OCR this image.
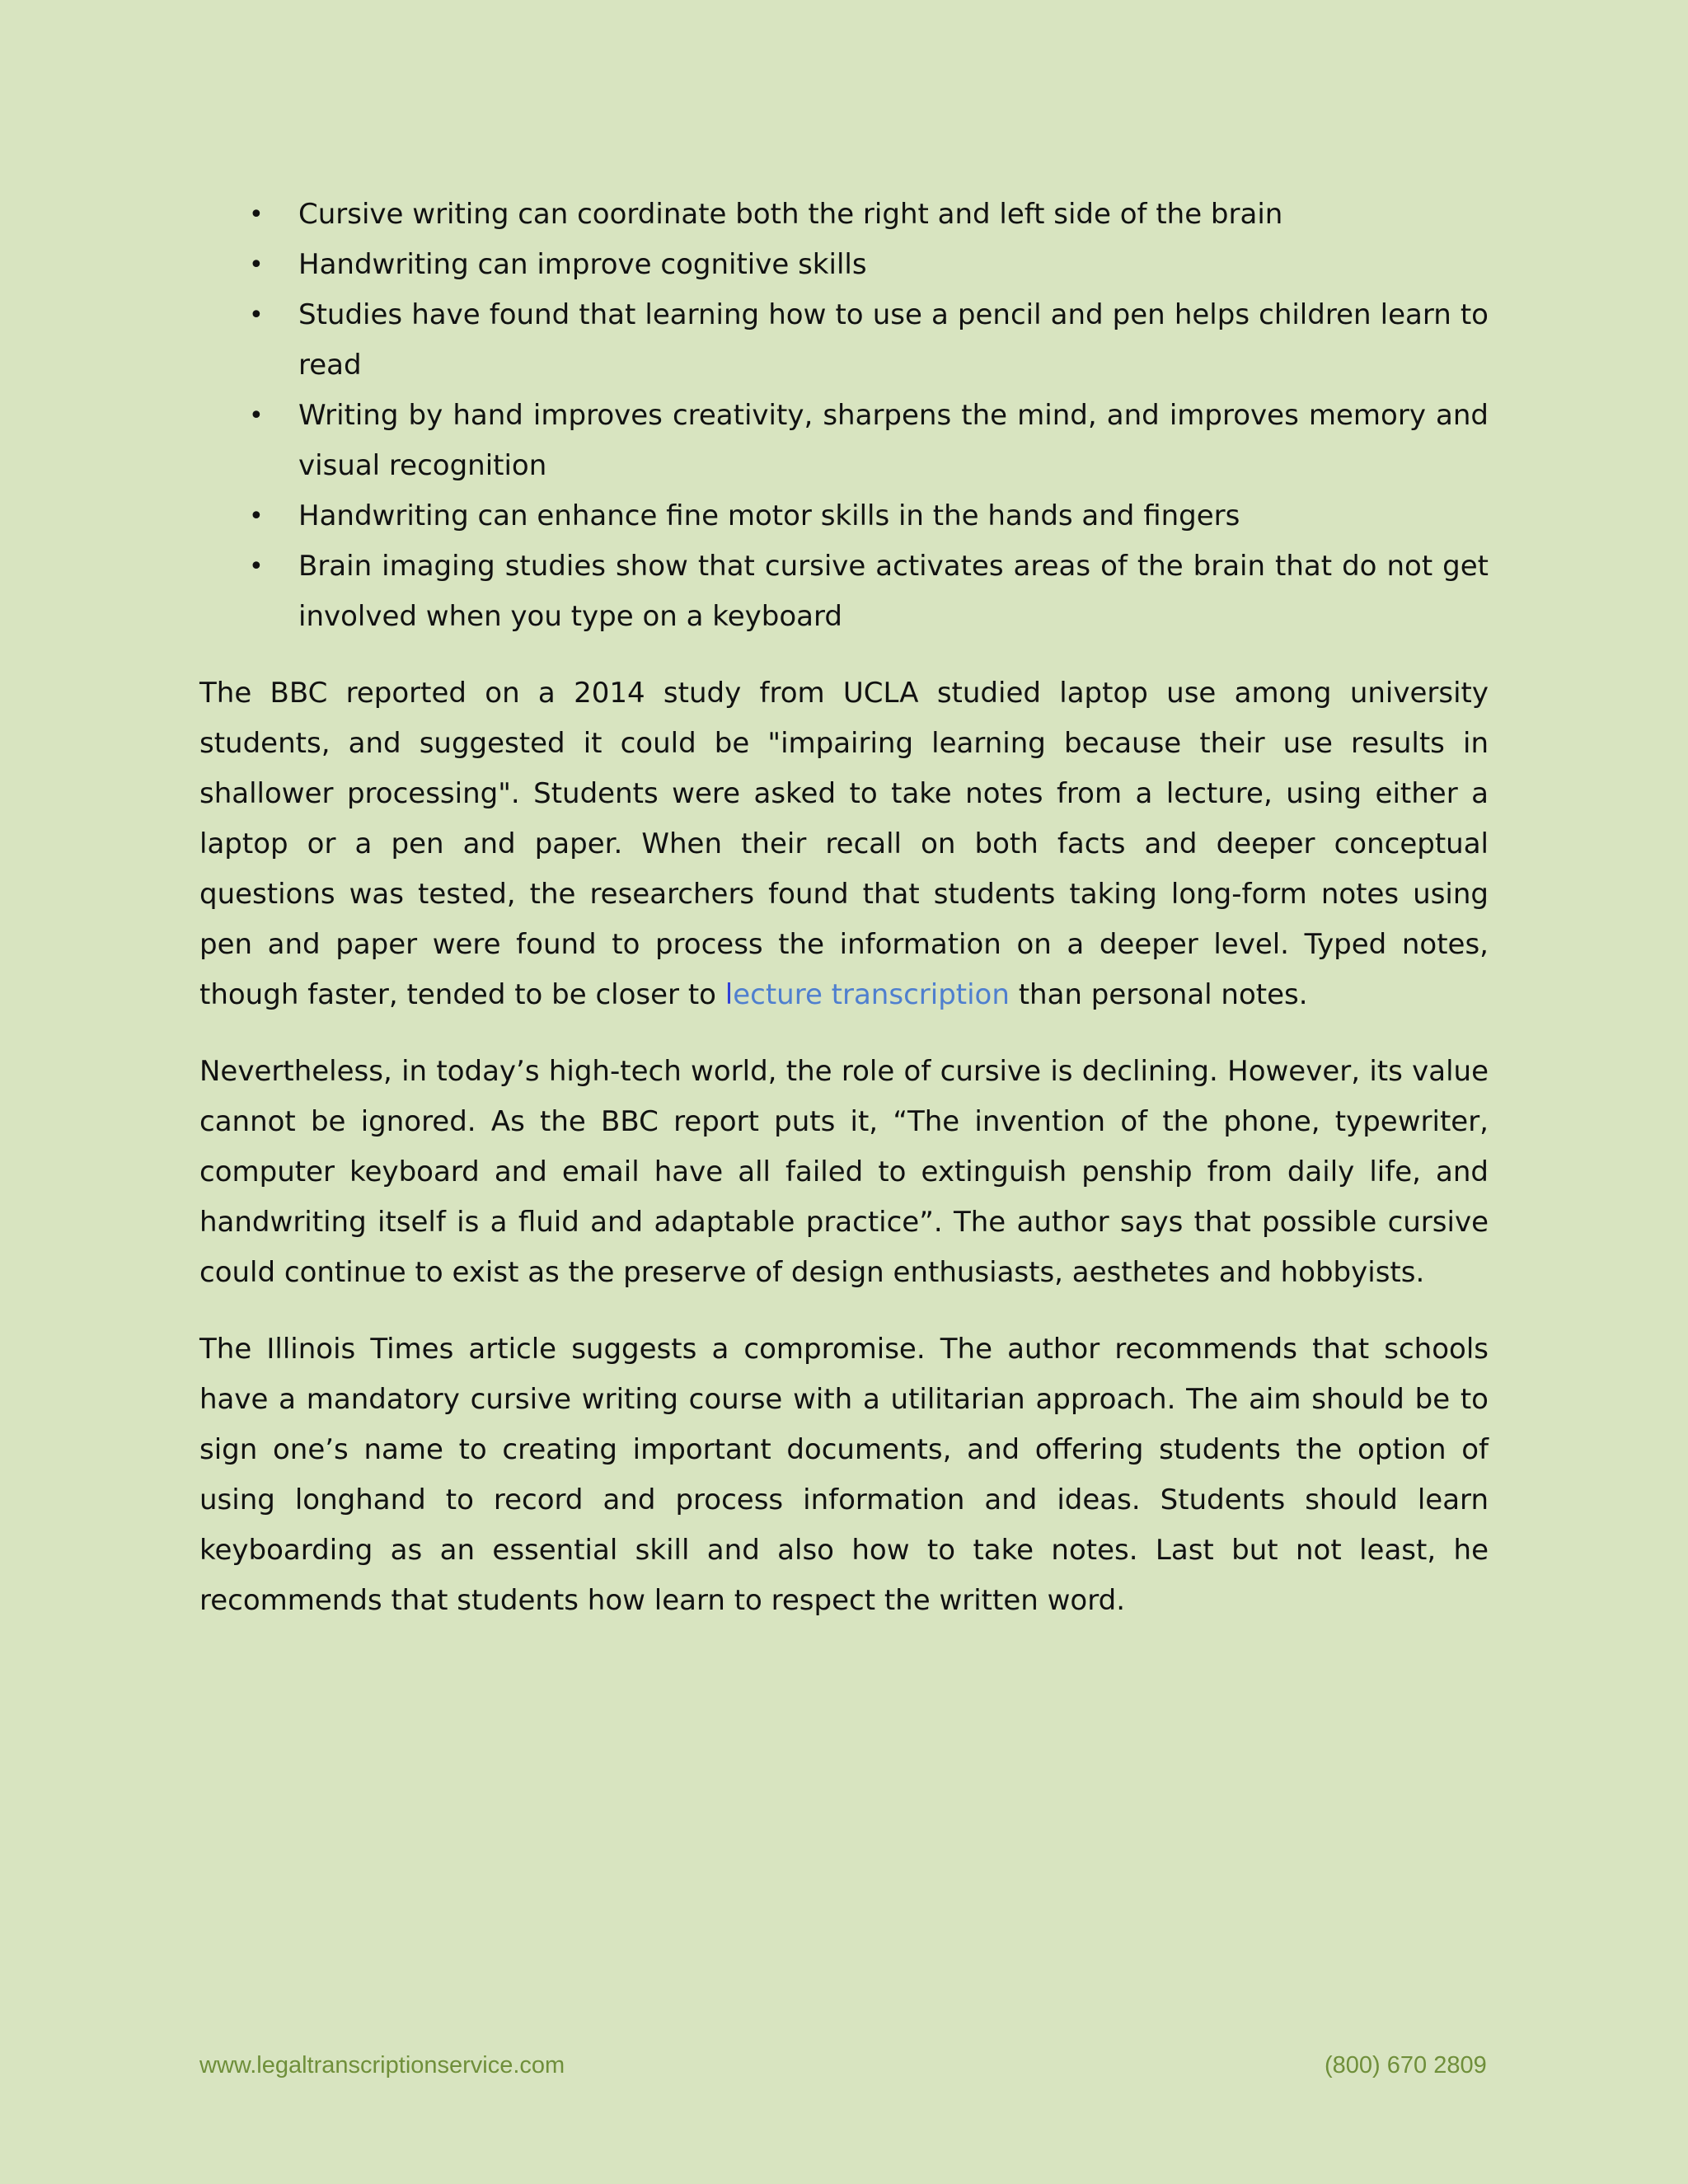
• Cursive writing can coordinate both the right and left side of the brain
• Handwriting can improve cognitive skills
• Studies have found that learning how to use a pencil and pen helps children learn to read
• Writing by hand improves creativity, sharpens the mind, and improves memory and visual recognition
• Handwriting can enhance fine motor skills in the hands and fingers
• Brain imaging studies show that cursive activates areas of the brain that do not get involved when you type on a keyboard

The BBC reported on a 2014 study from UCLA studied laptop use among university students, and suggested it could be "impairing learning because their use results in shallower processing". Students were asked to take notes from a lecture, using either a laptop or a pen and paper. When their recall on both facts and deeper conceptual questions was tested, the researchers found that students taking long-form notes using pen and paper were found to process the information on a deeper level. Typed notes, though faster, tended to be closer to lecture transcription than personal notes.

Nevertheless, in today’s high-tech world, the role of cursive is declining. However, its value cannot be ignored. As the BBC report puts it, “The invention of the phone, typewriter, computer keyboard and email have all failed to extinguish penship from daily life, and handwriting itself is a fluid and adaptable practice”. The author says that possible cursive could continue to exist as the preserve of design enthusiasts, aesthetes and hobbyists.

The Illinois Times article suggests a compromise. The author recommends that schools have a mandatory cursive writing course with a utilitarian approach. The aim should be to sign one’s name to creating important documents, and offering students the option of using longhand to record and process information and ideas. Students should learn keyboarding as an essential skill and also how to take notes. Last but not least, he recommends that students how learn to respect the written word.

www.legaltranscriptionservice.com	(800) 670 2809
